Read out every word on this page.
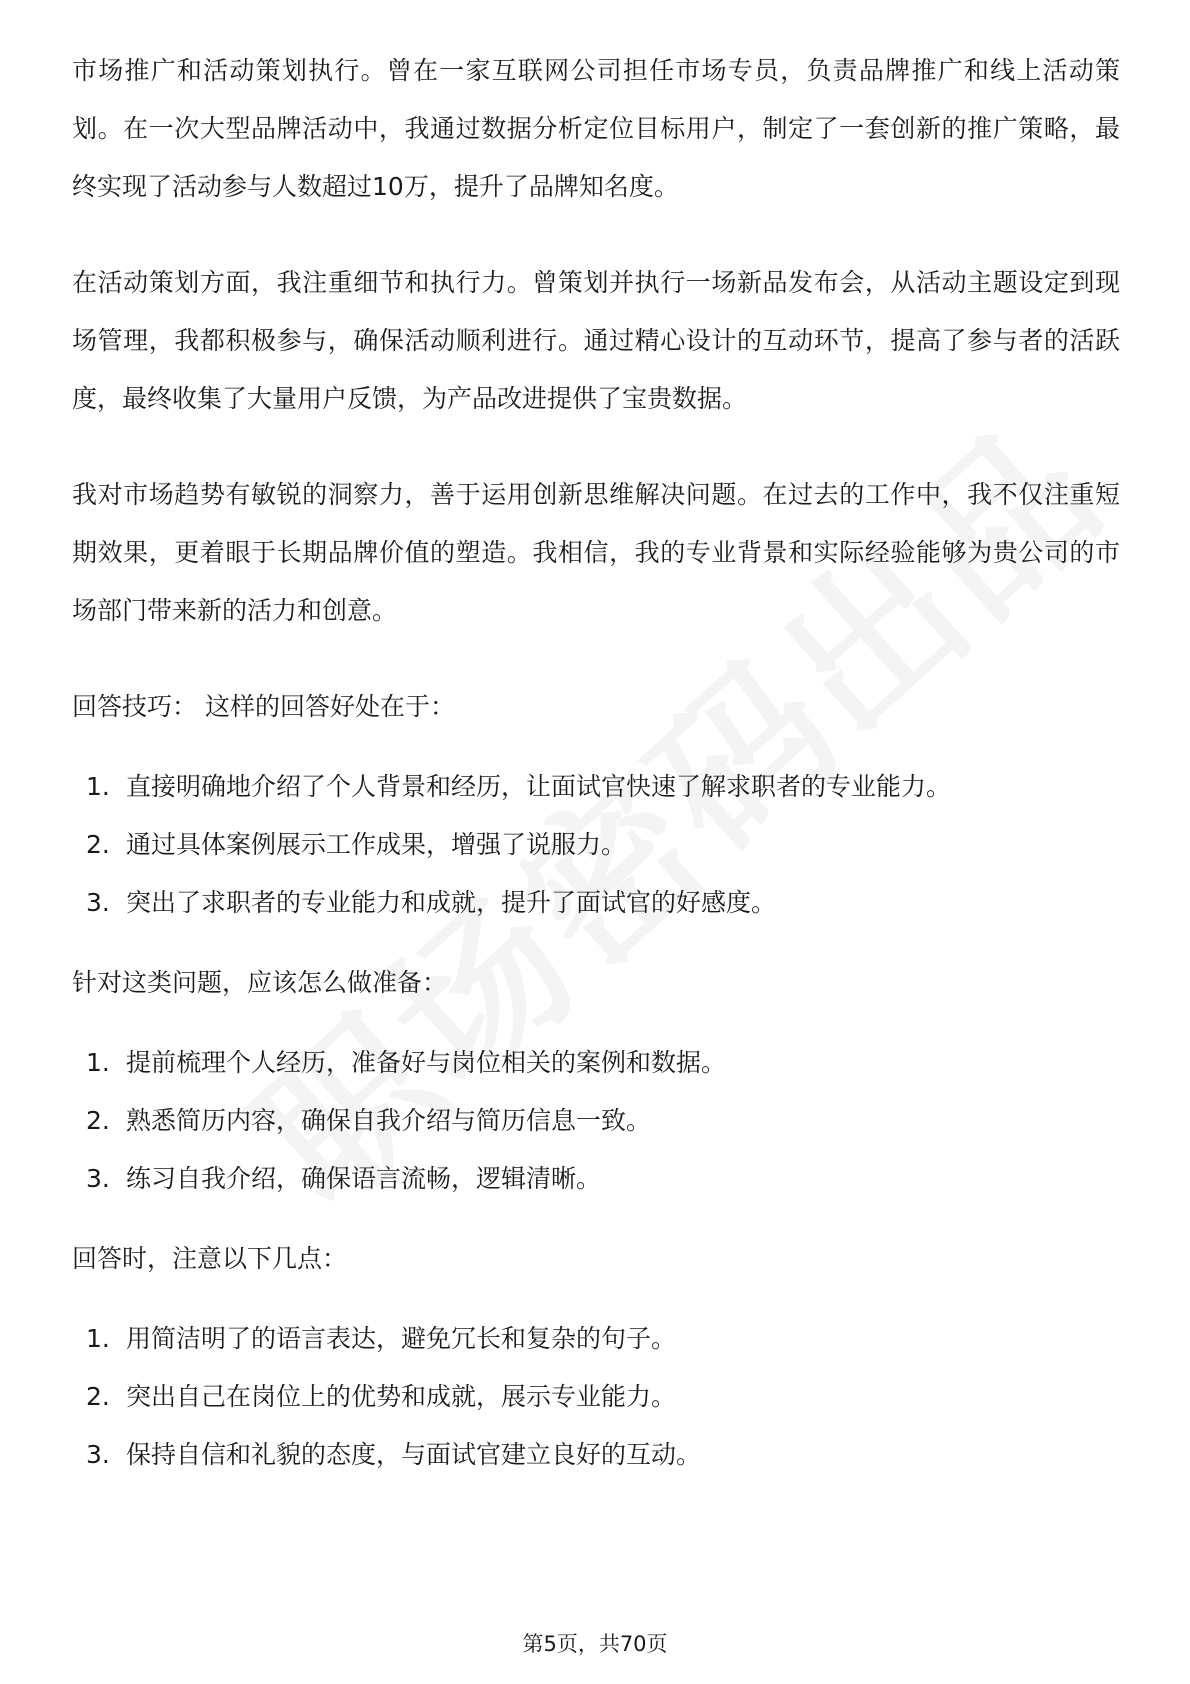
市场推广和活动策划执行。曾在一家互联网公司担任市场专员，负责品牌推广和线上活动策划。在一次大型品牌活动中，我通过数据分析定位目标用户，制定了一套创新的推广策略，最终实现了活动参与人数超过10万，提升了品牌知名度。

在活动策划方面，我注重细节和执行力。曾策划并执行一场新品发布会，从活动主题设定到现场管理，我都积极参与，确保活动顺利进行。通过精心设计的互动环节，提高了参与者的活跃度，最终收集了大量用户反馈，为产品改进提供了宝贵数据。

我对市场趋势有敏锐的洞察力，善于运用创新思维解决问题。在过去的工作中，我不仅注重短期效果，更着眼于长期品牌价值的塑造。我相信，我的专业背景和实际经验能够为贵公司的市场部门带来新的活力和创意。

回答技巧： 这样的回答好处在于：

1. 直接明确地介绍了个人背景和经历，让面试官快速了解求职者的专业能力。
2. 通过具体案例展示工作成果，增强了说服力。
3. 突出了求职者的专业能力和成就，提升了面试官的好感度。

针对这类问题，应该怎么做准备：

1. 提前梳理个人经历，准备好与岗位相关的案例和数据。
2. 熟悉简历内容，确保自我介绍与简历信息一致。
3. 练习自我介绍，确保语言流畅，逻辑清晰。

回答时，注意以下几点：

1. 用简洁明了的语言表达，避免冗长和复杂的句子。
2. 突出自己在岗位上的优势和成就，展示专业能力。
3. 保持自信和礼貌的态度，与面试官建立良好的互动。
第5页，共70页
